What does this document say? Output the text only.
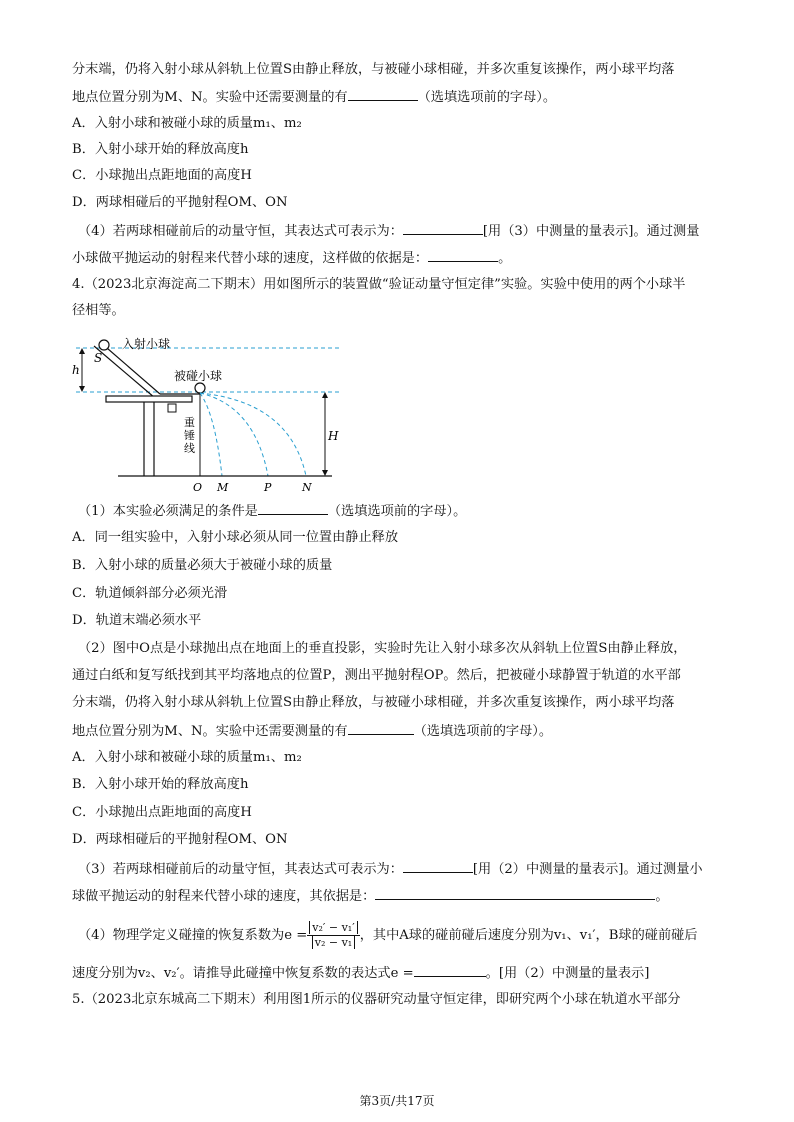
分末端，仍将入射小球从斜轨上位置S由静止释放，与被碰小球相碰，并多次重复该操作，两小球平均落
地点位置分别为M、N。实验中还需要测量的有	（选填选项前的字母）。
A．入射小球和被碰小球的质量m₁、m₂
B．入射小球开始的释放高度h
C．小球抛出点距地面的高度H
D．两球相碰后的平抛射程OM、ON
（4）若两球相碰前后的动量守恒，其表达式可表示为：	[用（3）中测量的量表示]。通过测量
小球做平抛运动的射程来代替小球的速度，这样做的依据是：	。
4.（2023北京海淀高二下期末）用如图所示的装置做“验证动量守恒定律”实验。实验中使用的两个小球半
径相等。
h
入射小球
S
被碰小球
重锤线
H
O M	P	N
（1）本实验必须满足的条件是	（选填选项前的字母）。
A．同一组实验中，入射小球必须从同一位置由静止释放
B．入射小球的质量必须大于被碰小球的质量
C．轨道倾斜部分必须光滑
D．轨道末端必须水平
（2）图中O点是小球抛出点在地面上的垂直投影，实验时先让入射小球多次从斜轨上位置S由静止释放，
通过白纸和复写纸找到其平均落地点的位置P，测出平抛射程OP。然后，把被碰小球静置于轨道的水平部
分末端，仍将入射小球从斜轨上位置S由静止释放，与被碰小球相碰，并多次重复该操作，两小球平均落
地点位置分别为M、N。实验中还需要测量的有	（选填选项前的字母）。
A．入射小球和被碰小球的质量m₁、m₂
B．入射小球开始的释放高度h
C．小球抛出点距地面的高度H
D．两球相碰后的平抛射程OM、ON
（3）若两球相碰前后的动量守恒，其表达式可表示为：	[用（2）中测量的量表示]。通过测量小
球做平抛运动的射程来代替小球的速度，其依据是：	。
（4）物理学定义碰撞的恢复系数为$e = \frac{\text{v₂′ − v₁′}}{\text{v₂ − v₁}}$ ，其中A球的碰前碰后速度分别为v₁、v₁′，B球的碰前碰后
速度分别为v₂、v₂′。请推导此碰撞中恢复系数的表达式e =	。[用（2）中测量的量表示]
5.（2023北京东城高二下期末）利用图1所示的仪器研究动量守恒定律，即研究两个小球在轨道水平部分
第3页/共17页
